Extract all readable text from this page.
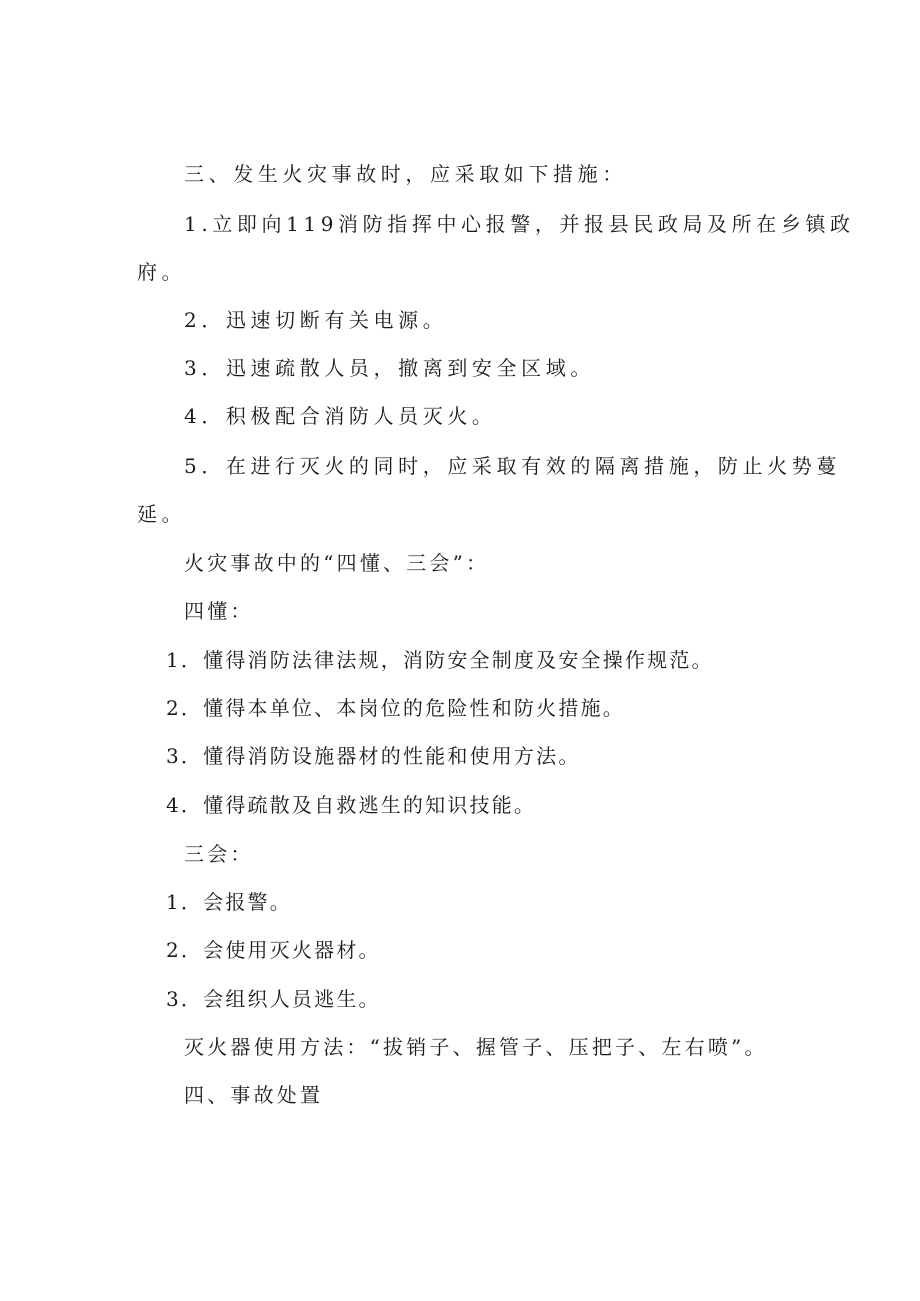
三、发生火灾事故时，应采取如下措施：
1.立即向119消防指挥中心报警，并报县民政局及所在乡镇政
府。
2．迅速切断有关电源。
3．迅速疏散人员，撤离到安全区域。
4．积极配合消防人员灭火。
5．在进行灭火的同时，应采取有效的隔离措施，防止火势蔓
延。
火灾事故中的“四懂、三会”：
四懂：
1．懂得消防法律法规，消防安全制度及安全操作规范。
2．懂得本单位、本岗位的危险性和防火措施。
3．懂得消防设施器材的性能和使用方法。
4．懂得疏散及自救逃生的知识技能。
三会：
1．会报警。
2．会使用灭火器材。
3．会组织人员逃生。
灭火器使用方法：“拔销子、握管子、压把子、左右喷”。
四、事故处置
